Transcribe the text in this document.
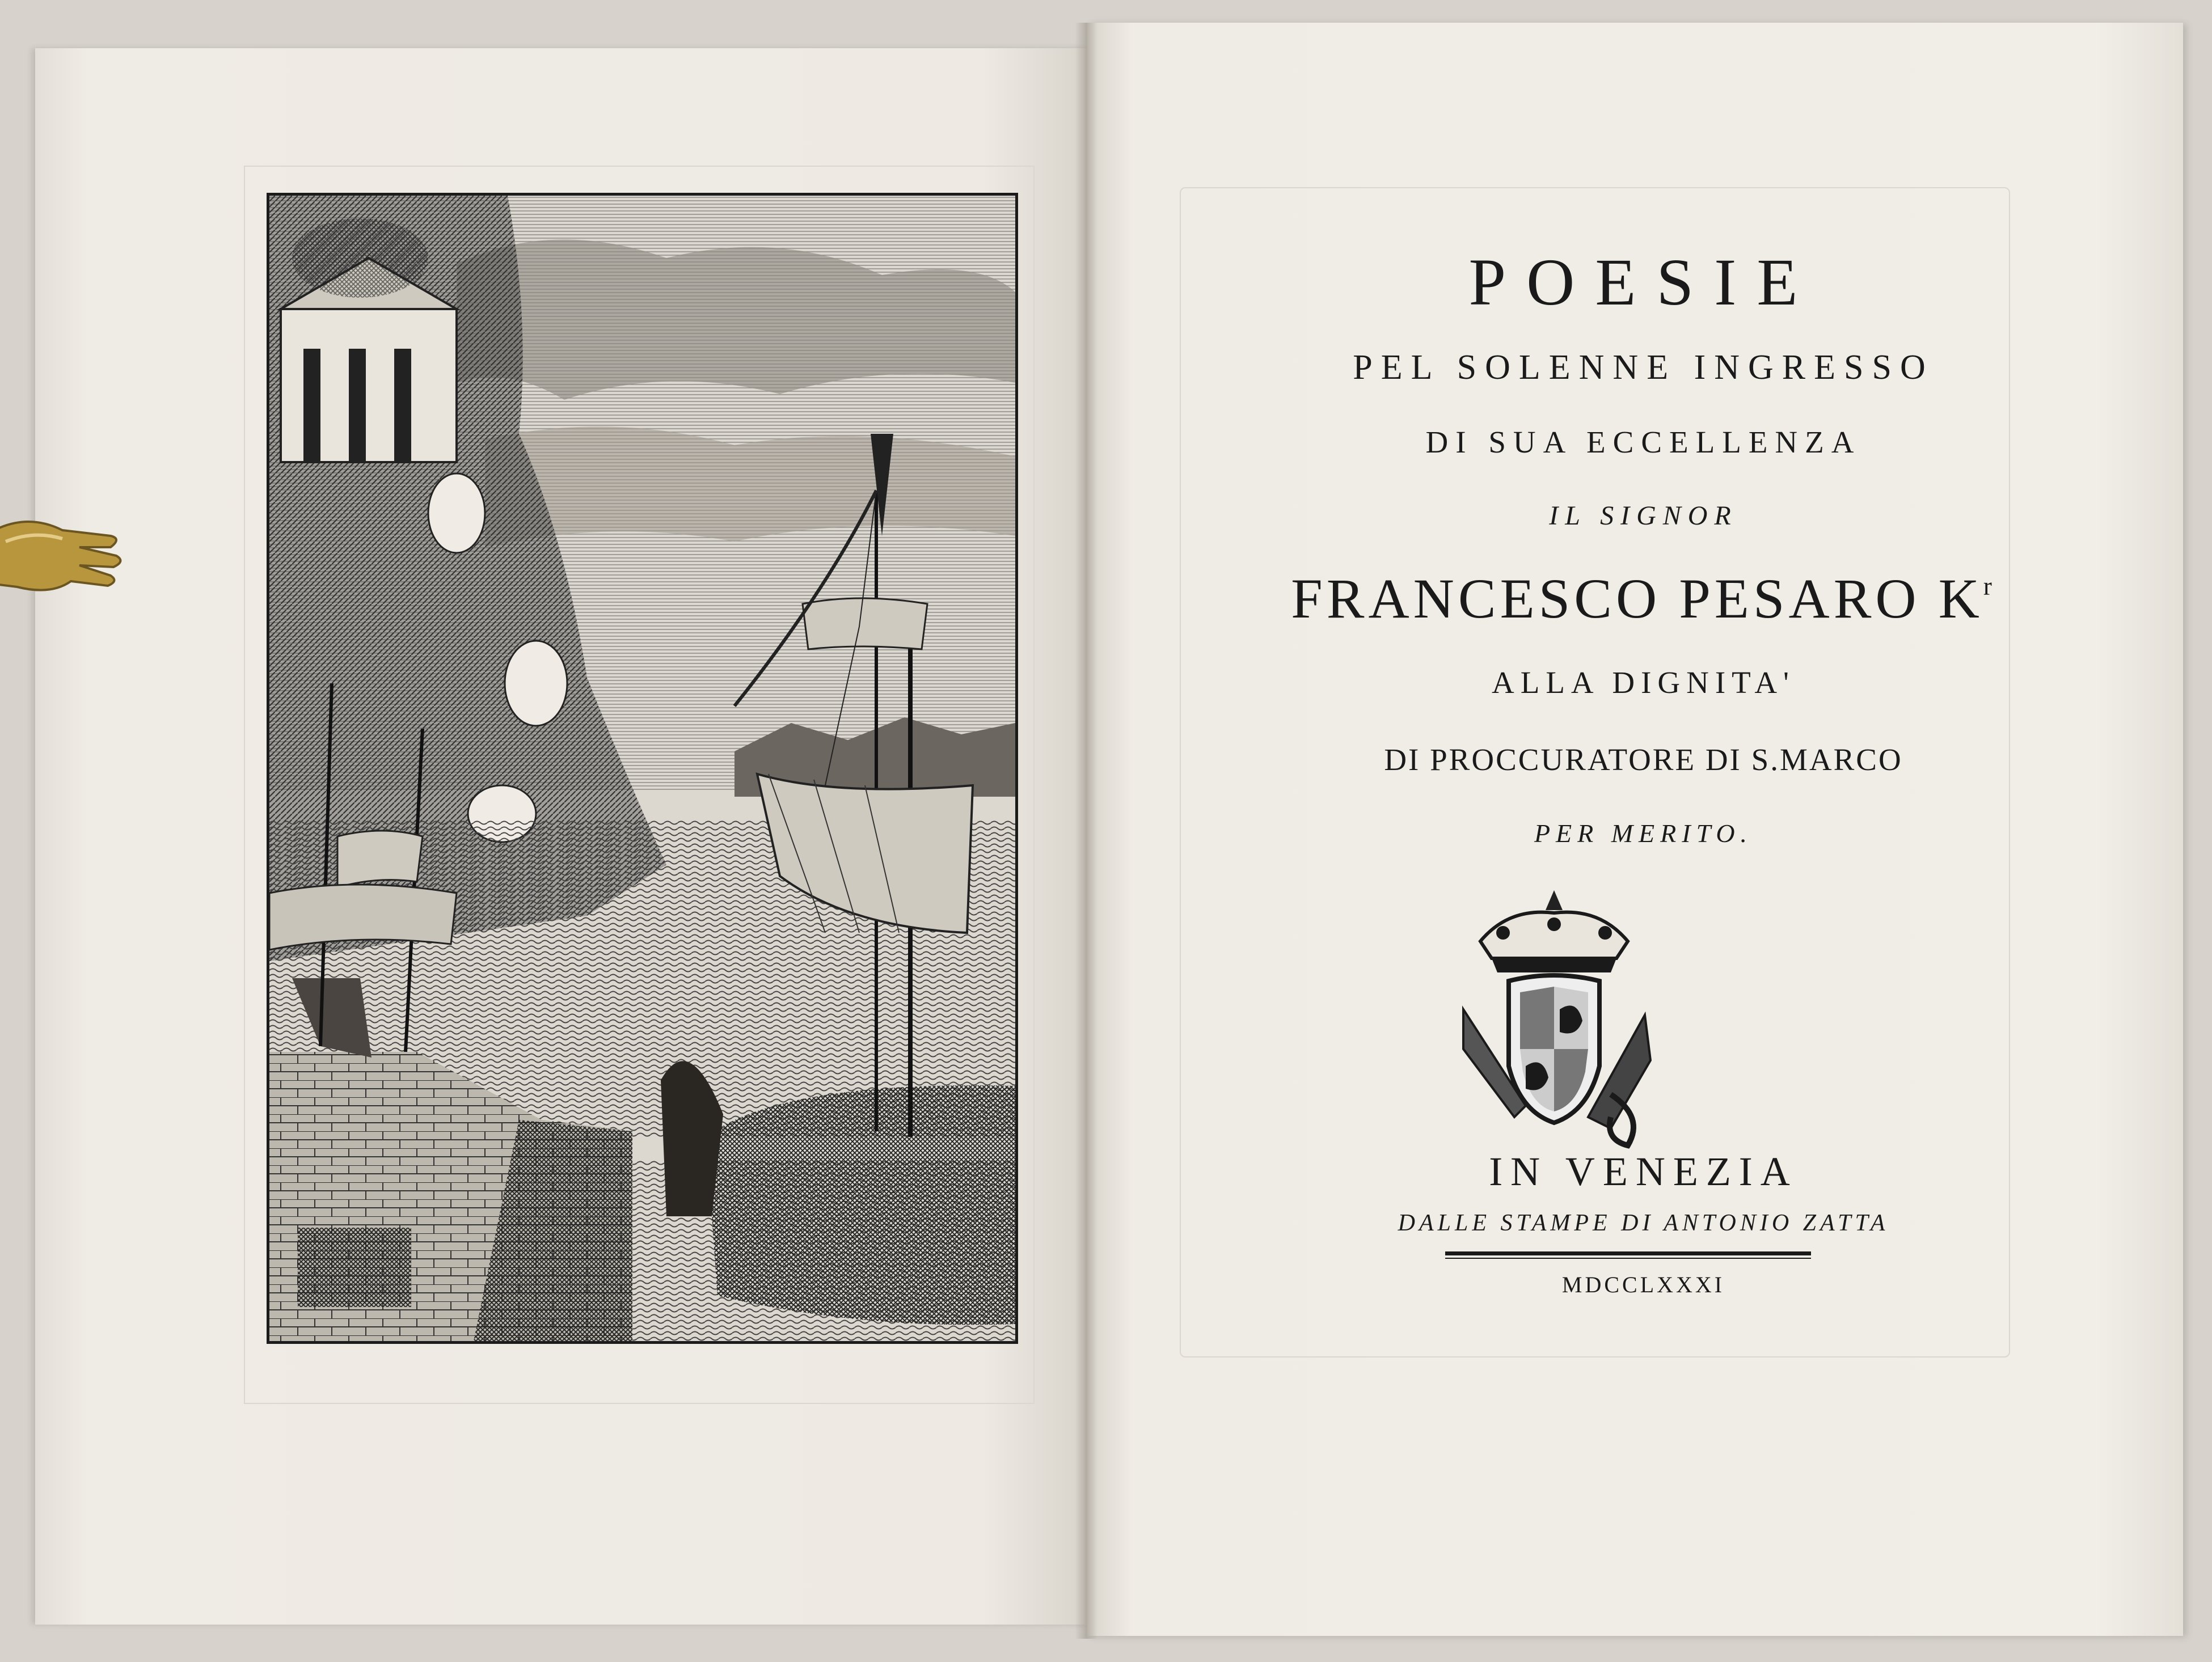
POESIE
PEL SOLENNE INGRESSO
DI SUA ECCELLENZA
IL SIGNOR
FRANCESCO PESARO $K^r$
ALLA DIGNITA'
DI PROCCURATORE DI S.MARCO
PER MERITO.
IN VENEZIA
DALLE STAMPE DI ANTONIO ZATTA
MDCCLXXXI
